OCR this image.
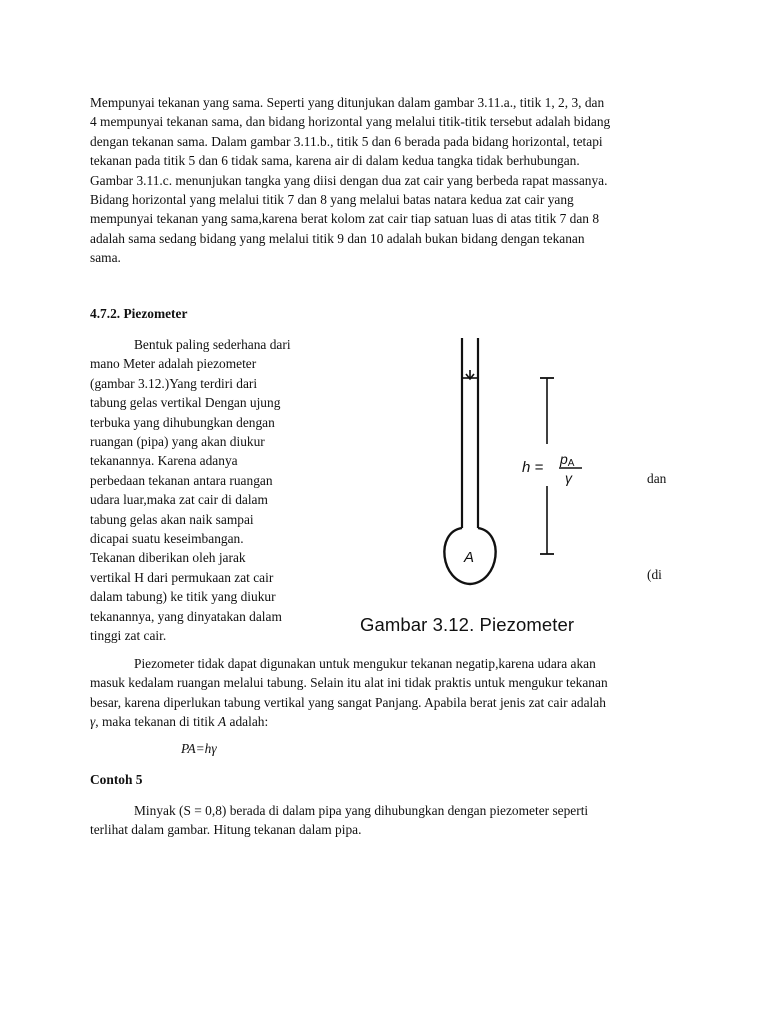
Mempunyai tekanan yang sama. Seperti yang ditunjukan dalam gambar 3.11.a., titik 1, 2, 3, dan
4 mempunyai tekanan sama, dan bidang horizontal yang melalui titik-titik tersebut adalah bidang
dengan tekanan sama. Dalam gambar 3.11.b., titik 5 dan 6 berada pada bidang horizontal, tetapi
tekanan pada titik 5 dan 6 tidak sama, karena air di dalam kedua tangka tidak berhubungan.
Gambar 3.11.c. menunjukan tangka yang diisi dengan dua zat cair yang berbeda rapat massanya.
Bidang horizontal yang melalui titik 7 dan 8 yang melalui batas natara kedua zat cair yang
mempunyai tekanan yang sama,karena berat kolom zat cair tiap satuan luas di atas titik 7 dan 8
adalah sama sedang bidang yang melalui titik 9 dan 10 adalah bukan bidang dengan tekanan
sama.

4.7.2. Piezometer

Bentuk paling sederhana dari
mano Meter adalah piezometer
(gambar 3.12.)Yang terdiri dari
tabung gelas vertikal Dengan ujung
terbuka yang dihubungkan dengan
ruangan (pipa) yang akan diukur
tekanannya. Karena adanya
perbedaan tekanan antara ruangan
udara luar,maka zat cair di dalam
tabung gelas akan naik sampai
dicapai suatu keseimbangan.
Tekanan diberikan oleh jarak
vertikal H dari permukaan zat cair
dalam tabung) ke titik yang diukur
tekanannya, yang dinyatakan dalam
tinggi zat cair.

dan
(di
A
h = pA
γ
Gambar 3.12. Piezometer

Piezometer tidak dapat digunakan untuk mengukur tekanan negatip,karena udara akan
masuk kedalam ruangan melalui tabung. Selain itu alat ini tidak praktis untuk mengukur tekanan
besar, karena diperlukan tabung vertikal yang sangat Panjang. Apabila berat jenis zat cair adalah
γ, maka tekanan di titik A adalah:

PA=hγ
Contoh 5

Minyak (S = 0,8) berada di dalam pipa yang dihubungkan dengan piezometer seperti
terlihat dalam gambar. Hitung tekanan dalam pipa.
